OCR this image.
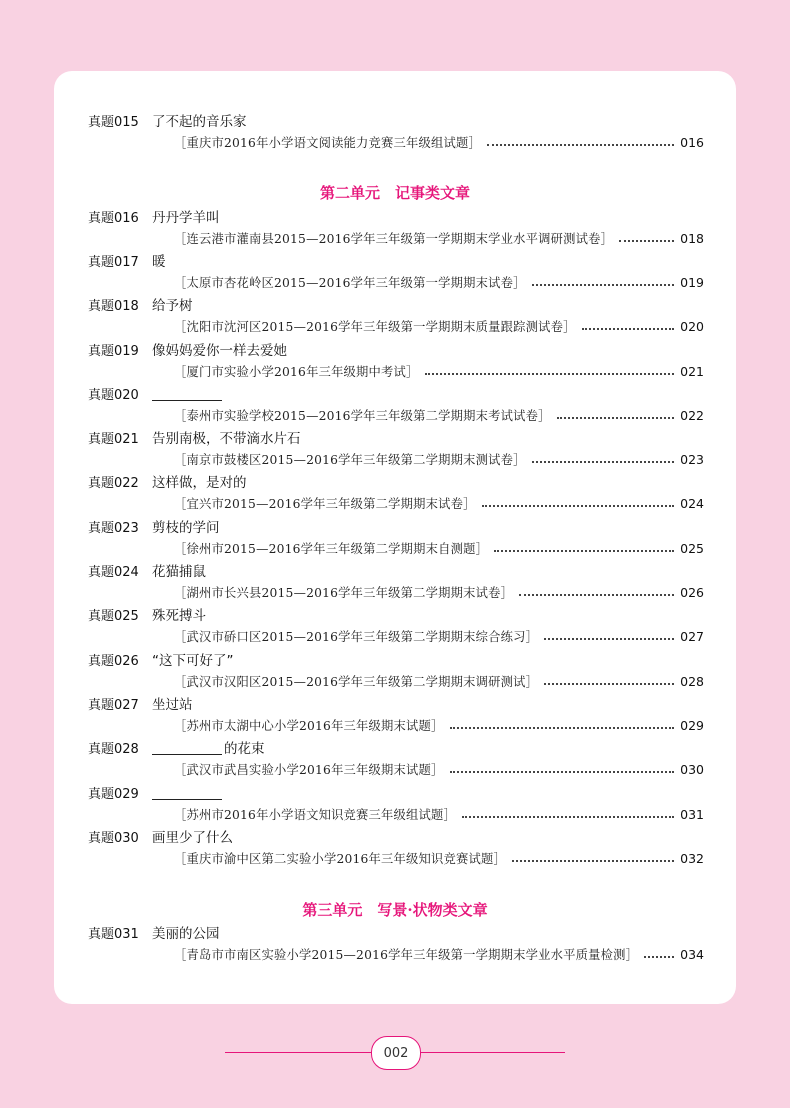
真题015 了不起的音乐家
［重庆市2016年小学语文阅读能力竞赛三年级组试题］	016
第二单元　记事类文章
真题016 丹丹学羊叫
［连云港市灌南县2015—2016学年三年级第一学期期末学业水平调研测试卷］	018
真题017 暖
［太原市杏花岭区2015—2016学年三年级第一学期期末试卷］	019
真题018 给予树
［沈阳市沈河区2015—2016学年三年级第一学期期末质量跟踪测试卷］	020
真题019 像妈妈爱你一样去爱她
［厦门市实验小学2016年三年级期中考试］	021
真题020
［泰州市实验学校2015—2016学年三年级第二学期期末考试试卷］	022
真题021 告别南极，不带滴水片石
［南京市鼓楼区2015—2016学年三年级第二学期期末测试卷］	023
真题022 这样做，是对的
［宜兴市2015—2016学年三年级第二学期期末试卷］	024
真题023 剪枝的学问
［徐州市2015—2016学年三年级第二学期期末自测题］	025
真题024 花猫捕鼠
［湖州市长兴县2015—2016学年三年级第二学期期末试卷］	026
真题025 殊死搏斗
［武汉市硚口区2015—2016学年三年级第二学期期末综合练习］	027
真题026 “这下可好了”
［武汉市汉阳区2015—2016学年三年级第二学期期末调研测试］	028
真题027 坐过站
［苏州市太湖中心小学2016年三年级期末试题］	029
真题028	的花束
［武汉市武昌实验小学2016年三年级期末试题］	030
真题029
［苏州市2016年小学语文知识竞赛三年级组试题］	031
真题030 画里少了什么
［重庆市渝中区第二实验小学2016年三年级知识竞赛试题］	032
第三单元　写景·状物类文章
真题031 美丽的公园
［青岛市市南区实验小学2015—2016学年三年级第一学期期末学业水平质量检测］	034
002
